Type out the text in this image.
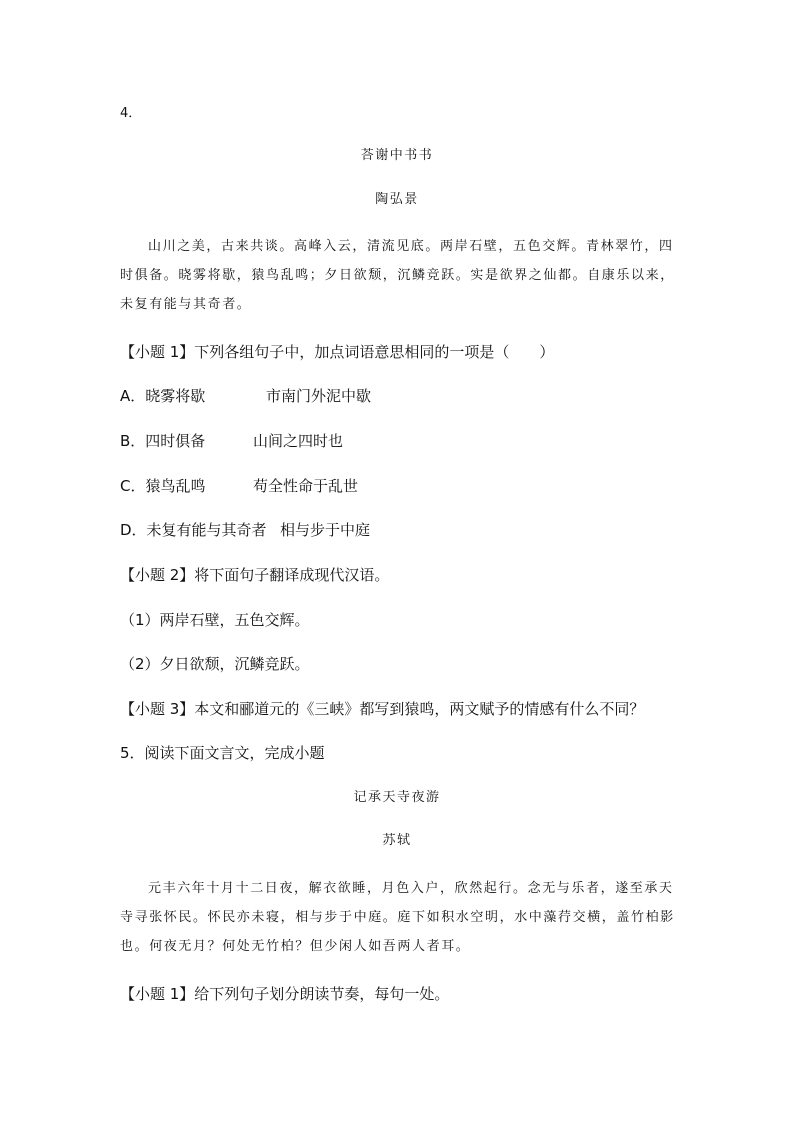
4．
荅谢中书书
陶弘景
山川之美，古来共谈。高峰入云，清流见底。两岸石壁，五色交辉。青林翠竹，四时俱备。晓雾将歇，猿鸟乱鸣；夕日欲颓，沉鳞竞跃。实是欲界之仙都。自康乐以来，未复有能与其奇者。
【小题 1】下列各组句子中，加点词语意思相同的一项是（　　）
A．晓雾将歇	市南门外泥中歇
B．四时俱备	山间之四时也
C．猿鸟乱鸣	苟全性命于乱世
D．未复有能与其奇者 相与步于中庭
【小题 2】将下面句子翻译成现代汉语。
（1）两岸石壁，五色交辉。
（2）夕日欲颓，沉鳞竞跃。
【小题 3】本文和郦道元的《三峡》都写到猿鸣，两文赋予的情感有什么不同？
5．阅读下面文言文，完成小题
记承天寺夜游
苏轼
元丰六年十月十二日夜，解衣欲睡，月色入户，欣然起行。念无与乐者，遂至承天寺寻张怀民。怀民亦未寝，相与步于中庭。庭下如积水空明，水中藻荇交横，盖竹柏影也。何夜无月？何处无竹柏？但少闲人如吾两人者耳。
【小题 1】给下列句子划分朗读节奏，每句一处。
